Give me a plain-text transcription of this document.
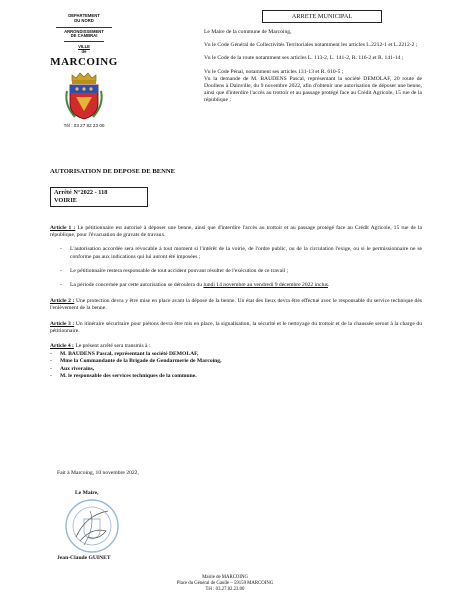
DEPARTEMENT
DU NORD
ARRONDISSEMENT
DE CAMBRAI
VILLE
de
MARCOING
Tél : 03 27 82 23 00
ARRETE MUNICIPAL
Le Maire de la commune de Marcoing,
Vu le Code Général de Collectivités Territoriales notamment les articles L.2212-1 et L.2212-2 ;
Vu le Code de la route notamment ses articles L. 113-2, L. 141-2, R. 116-2 et R. 141-14 ;
Vu le Code Pénal, notamment ses articles 131-13 et R. 610-5 ;
Vu la demande de M. BAUDENS Pascal, représentant la société DEMOLAF, 20 route de Doullens à Dainville, du 9 novembre 2022, afin d'obtenir une autorisation de déposer une benne, ainsi que d'interdire l'accès au trottoir et au passage protégé face au Crédit Agricole, 15 rue de la république ;
AUTORISATION DE DEPOSE DE BENNE
Arrêté N°2022 - 118
VOIRIE
Article 1 : Le pétitionnaire est autorisé à déposer une benne, ainsi que d'interdire l'accès au trottoir et au passage protégé face au Crédit Agricole, 15 rue de la république, pour l'évacuation de gravats de travaux.
- L'autorisation accordée sera révocable à tout moment si l'intérêt de la voirie, de l'ordre public, ou de la circulation l'exige, ou si le permissionnaire ne se conforme pas aux indications qui lui auront été imposées ;
- Le pétitionnaire restera responsable de tout accident pouvant résulter de l'exécution de ce travail ;
- La période concernée par cette autorisation se déroulera du lundi 14 novembre au vendredi 9 décembre 2022 inclus.
Article 2 : Une protection devra y être mise en place avant la dépose de la benne. Un état des lieux devra être effectué avec le responsable du service technique dès l'enlèvement de la benne.
Article 3 : Un itinéraire sécuritaire pour piétons devra être mis en place, la signalisation, la sécurité et le nettoyage du trottoir et de la chaussée seront à la charge du pétitionnaire.
Article 4 : Le présent arrêté sera transmis à :
- M. BAUDENS Pascal, représentant la société DEMOLAF,
- Mme la Commandante de la Brigade de Gendarmerie de Marcoing,
- Aux riverains,
- M. le responsable des services techniques de la commune.
Fait à Marcoing, 10 novembre 2022,
Le Maire,
Jean-Claude GUINET
Mairie de MARCOING
Place du Général de Gaulle – 59159 MARCOING
Tél : 03.27.82.23.00
